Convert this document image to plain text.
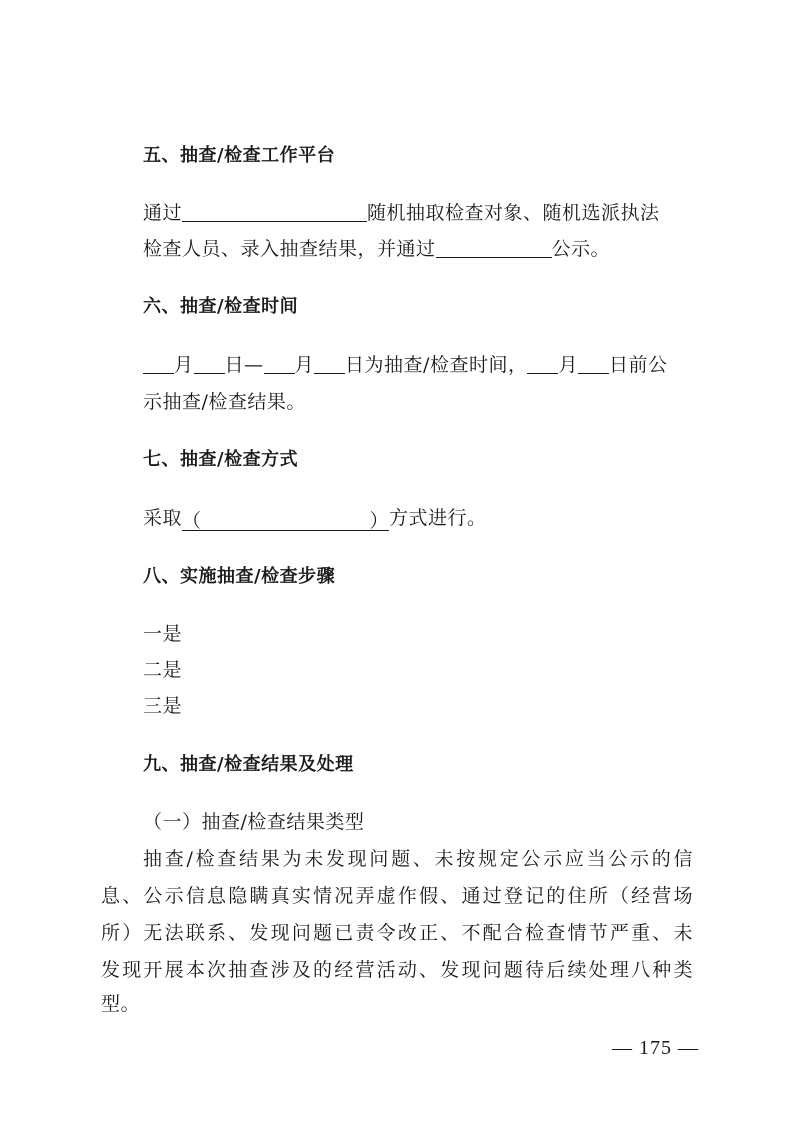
五、抽查/检查工作平台
通过	随机抽取检查对象、随机选派执法
检查人员、录入抽查结果，并通过	公示。
六、抽查/检查时间
月 日— 月 日为抽查/检查时间， 月 日前公
示抽查/检查结果。
七、抽查/检查方式
采取（	）方式进行。
八、实施抽查/检查步骤
一是
二是
三是
九、抽查/检查结果及处理
（一）抽查/检查结果类型
抽查/检查结果为未发现问题、未按规定公示应当公示的信
息、公示信息隐瞒真实情况弄虚作假、通过登记的住所（经营场
所）无法联系、发现问题已责令改正、不配合检查情节严重、未
发现开展本次抽查涉及的经营活动、发现问题待后续处理八种类
型。
— 175 —
